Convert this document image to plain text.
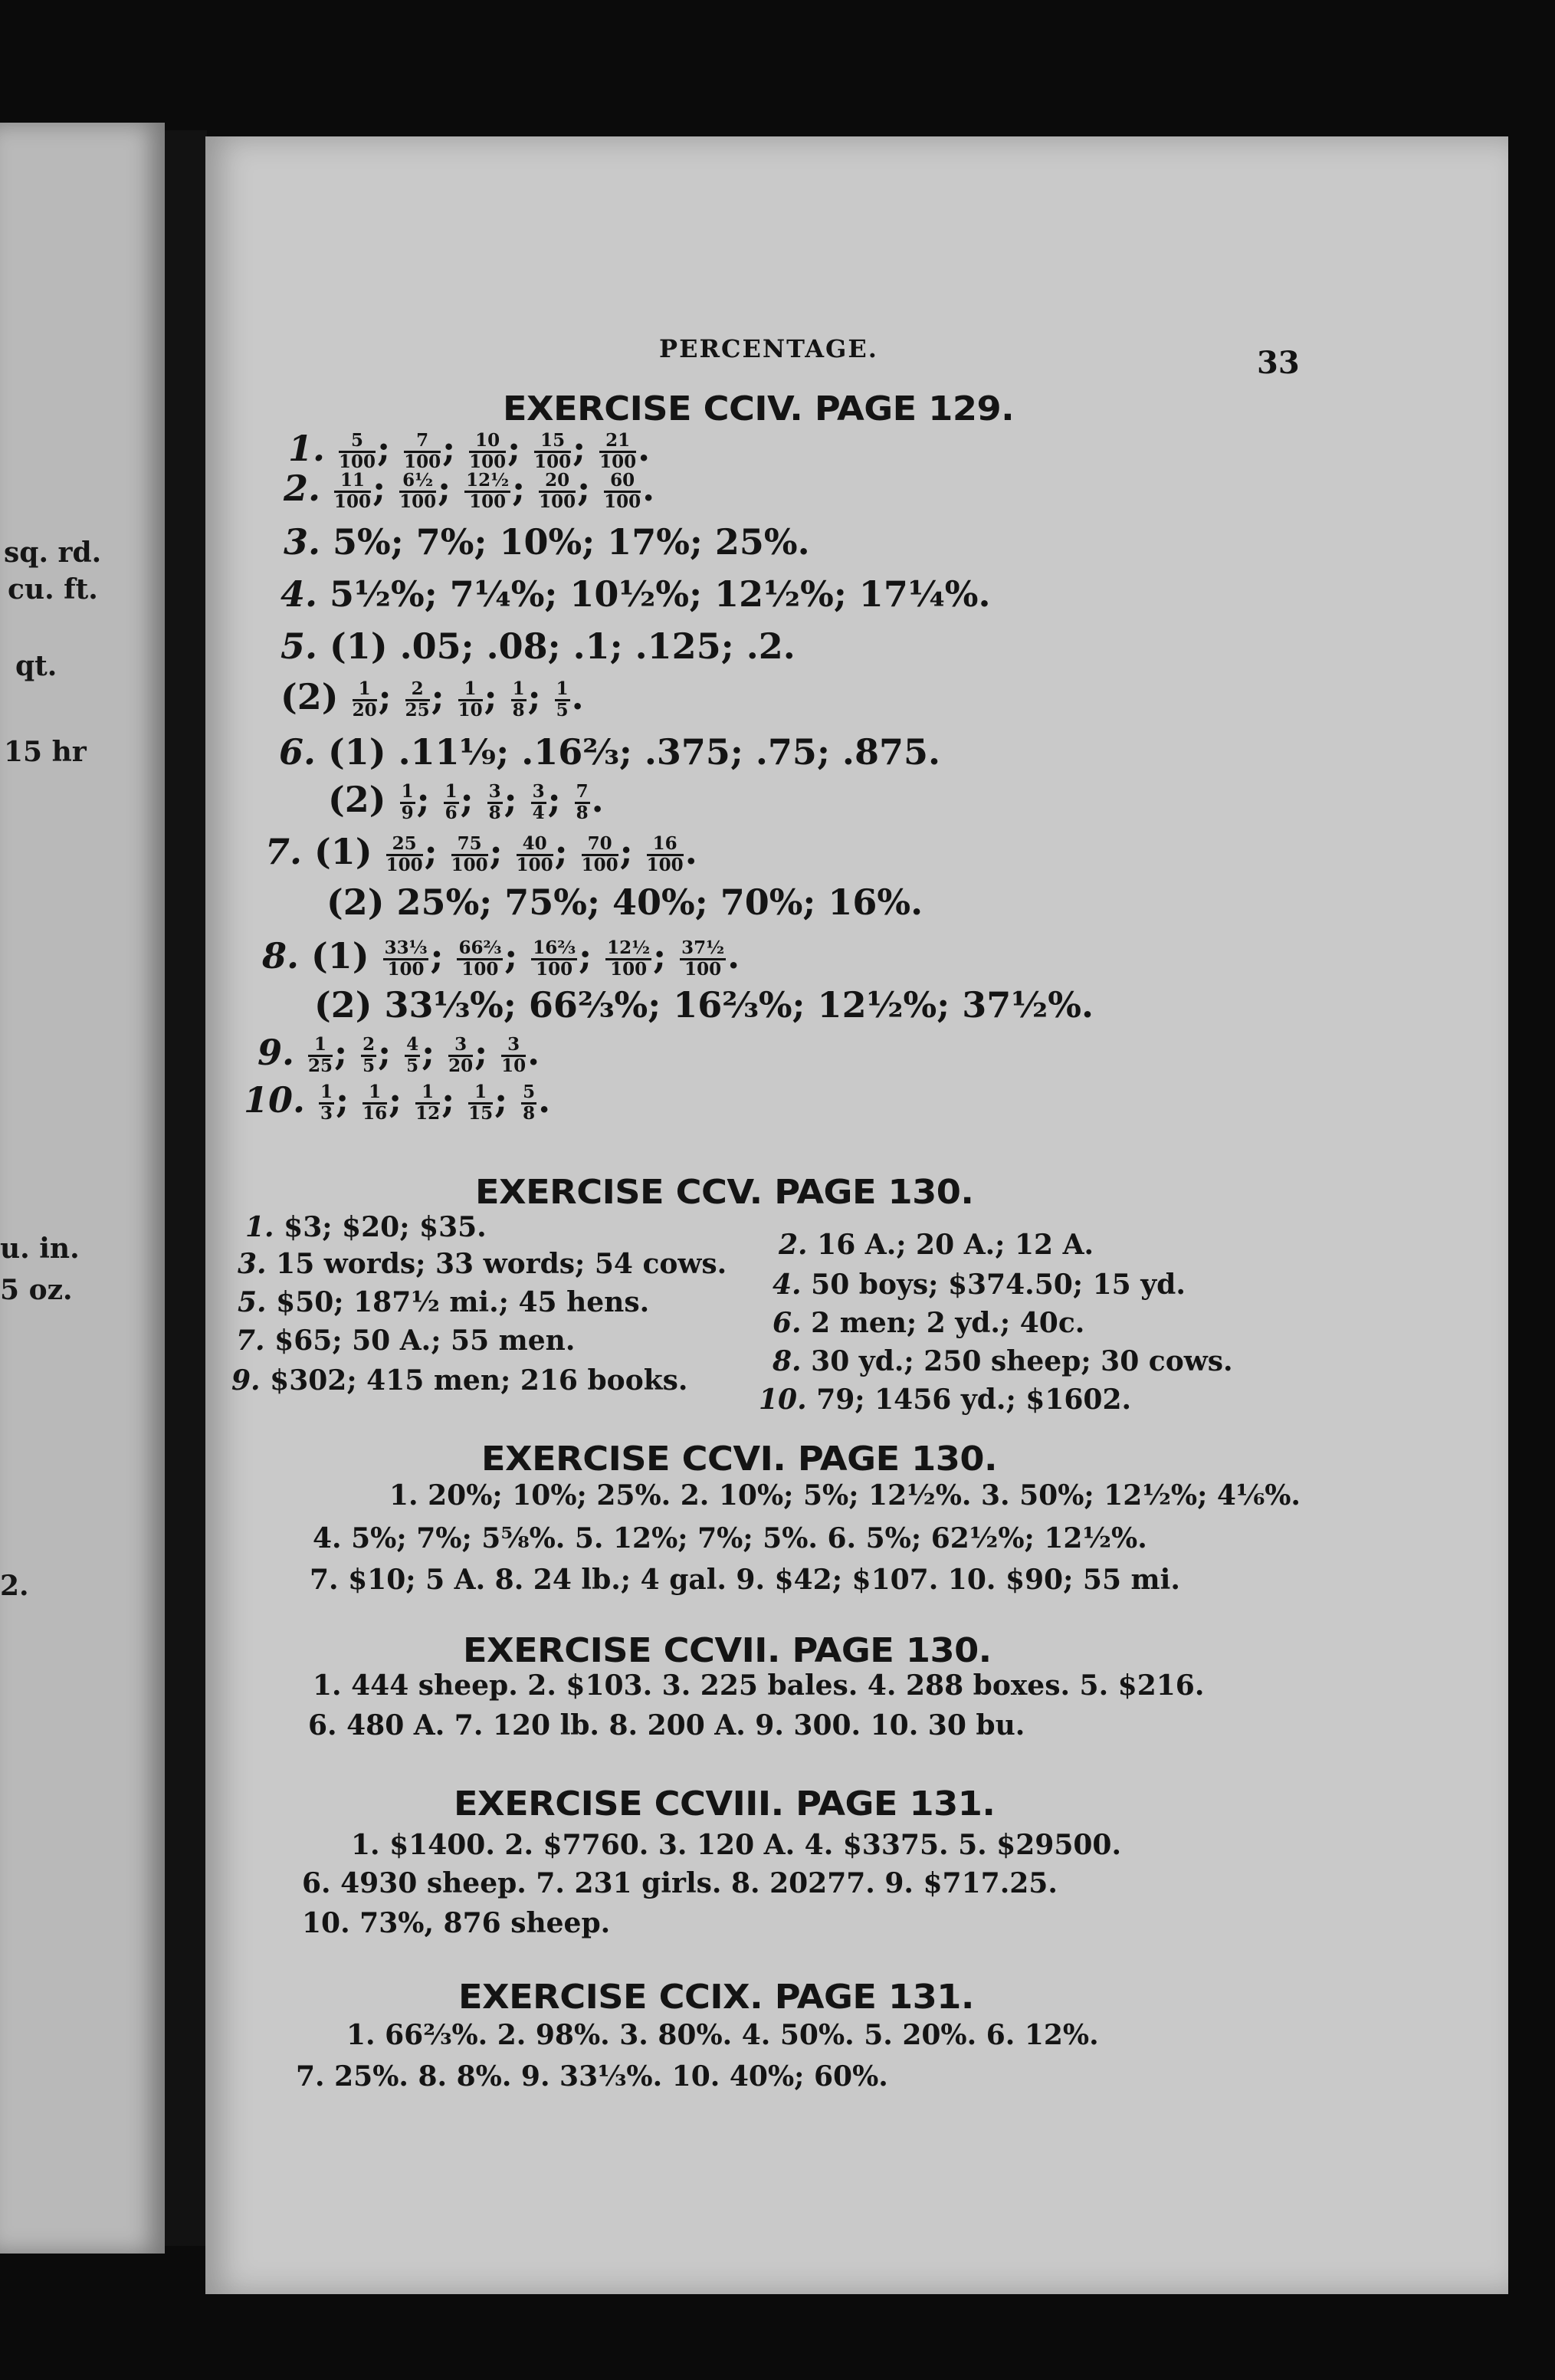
sq. rd.
cu. ft.
qt.
15 hr
u. in.
5 oz.
2.
PERCENTAGE.	33
EXERCISE CCIV. PAGE 129.
1. $\frac{5}{100}$ ; $\frac{7}{100}$ ; $\frac{10}{100}$ ; $\frac{15}{100}$ ; $\frac{21}{100}$ .
2. $\frac{11}{100}$ ; $\frac{\text{6½}}{100}$ ; $\frac{\text{12½}}{100}$ ; $\frac{20}{100}$ ; $\frac{60}{100}$ .
3. 5%; 7%; 10%; 17%; 25%.
4. 5½%; 7¼%; 10½%; 12½%; 17¼%.
5. (1) .05; .08; .1; .125; .2.
$(2) \frac{1}{20}$ ; $\frac{2}{25}$ ; $\frac{1}{10}$ ; $\frac{1}{8}$ ; $\frac{1}{5}$ .
6. (1) .11⅑; .16⅔; .375; .75; .875.
$(2) \frac{1}{9}$ ; $\frac{1}{6}$ ; $\frac{3}{8}$ ; $\frac{3}{4}$ ; $\frac{7}{8}$ .
7. $(1) \frac{25}{100}$ ; $\frac{75}{100}$ ; $\frac{40}{100}$ ; $\frac{70}{100}$ ; $\frac{16}{100}$ .
(2) 25%; 75%; 40%; 70%; 16%.
8. $(1) \frac{\text{33⅓}}{100}$ ; $\frac{\text{66⅔}}{100}$ ; $\frac{\text{16⅔}}{100}$ ; $\frac{\text{12½}}{100}$ ; $\frac{\text{37½}}{100}$ .
(2) 33⅓%; 66⅔%; 16⅔%; 12½%; 37½%.
9. $\frac{1}{25}$ ; $\frac{2}{5}$ ; $\frac{4}{5}$ ; $\frac{3}{20}$ ; $\frac{3}{10}$ .
10. $\frac{1}{3}$ ; $\frac{1}{16}$ ; $\frac{1}{12}$ ; $\frac{1}{15}$ ; $\frac{5}{8}$ .
EXERCISE CCV. PAGE 130.
1. $3; $20; $35.
3. 15 words; 33 words; 54 cows.
5. $50; 187½ mi.; 45 hens.
7. $65; 50 A.; 55 men.
9. $302; 415 men; 216 books.
2. 16 A.; 20 A.; 12 A.
4. 50 boys; $374.50; 15 yd.
6. 2 men; 2 yd.; 40c.
8. 30 yd.; 250 sheep; 30 cows.
10. 79; 1456 yd.; $1602.
EXERCISE CCVI. PAGE 130.
1. 20%; 10%; 25%. 2. 10%; 5%; 12½%. 3. 50%; 12½%; 4⅙%.
4. 5%; 7%; 5⅝%. 5. 12%; 7%; 5%. 6. 5%; 62½%; 12½%.
7. $10; 5 A. 8. 24 lb.; 4 gal. 9. $42; $107. 10. $90; 55 mi.
EXERCISE CCVII. PAGE 130.
1. 444 sheep. 2. $103. 3. 225 bales. 4. 288 boxes. 5. $216.
6. 480 A. 7. 120 lb. 8. 200 A. 9. 300. 10. 30 bu.
EXERCISE CCVIII. PAGE 131.
1. $1400. 2. $7760. 3. 120 A. 4. $3375. 5. $29500.
6. 4930 sheep. 7. 231 girls. 8. 20277. 9. $717.25.
10. 73%, 876 sheep.
EXERCISE CCIX. PAGE 131.
1. 66⅔%. 2. 98%. 3. 80%. 4. 50%. 5. 20%. 6. 12%.
7. 25%. 8. 8%. 9. 33⅓%. 10. 40%; 60%.
